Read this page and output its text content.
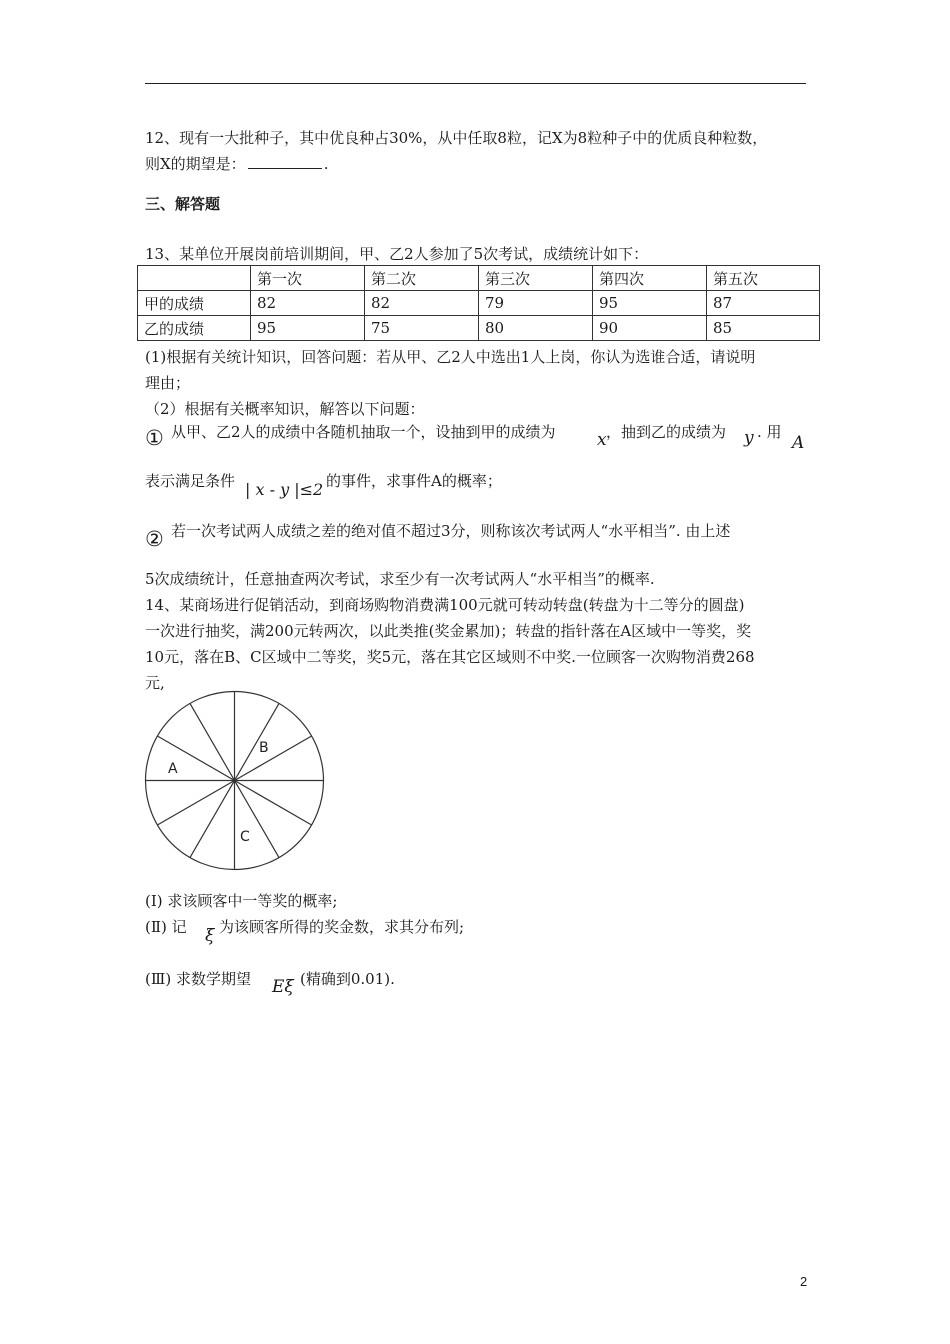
12、现有一大批种子，其中优良种占30%，从中任取8粒，记X为8粒种子中的优质良种粒数，
则X的期望是：	.
三、解答题
13、某单位开展岗前培训期间，甲、乙2人参加了5次考试，成绩统计如下：
	第一次	第二次	第三次	第四次	第五次
甲的成绩	82	82	79	95	87
乙的成绩	95	75	80	90	85
(1)根据有关统计知识，回答问题：若从甲、乙2人中选出1人上岗，你认为选谁合适，请说明
理由；
（2）根据有关概率知识，解答以下问题：
① 从甲、乙2人的成绩中各随机抽取一个，设抽到甲的成绩为 x ，抽到乙的成绩为 y . 用
A
表示满足条件 | x - y |≤2 的事件，求事件A的概率；
② 若一次考试两人成绩之差的绝对值不超过3分，则称该次考试两人“水平相当”. 由上述
5次成绩统计，任意抽查两次考试，求至少有一次考试两人“水平相当”的概率.
14、某商场进行促销活动，到商场购物消费满100元就可转动转盘(转盘为十二等分的圆盘)
一次进行抽奖，满200元转两次，以此类推(奖金累加)；转盘的指针落在A区域中一等奖，奖
10元，落在B、C区域中二等奖，奖5元，落在其它区域则不中奖.一位顾客一次购物消费268
元,
A
B
C
(Ⅰ) 求该顾客中一等奖的概率;
(Ⅱ) 记 ξ 为该顾客所得的奖金数，求其分布列;
(Ⅲ) 求数学期望 Eξ (精确到0.01).
2
